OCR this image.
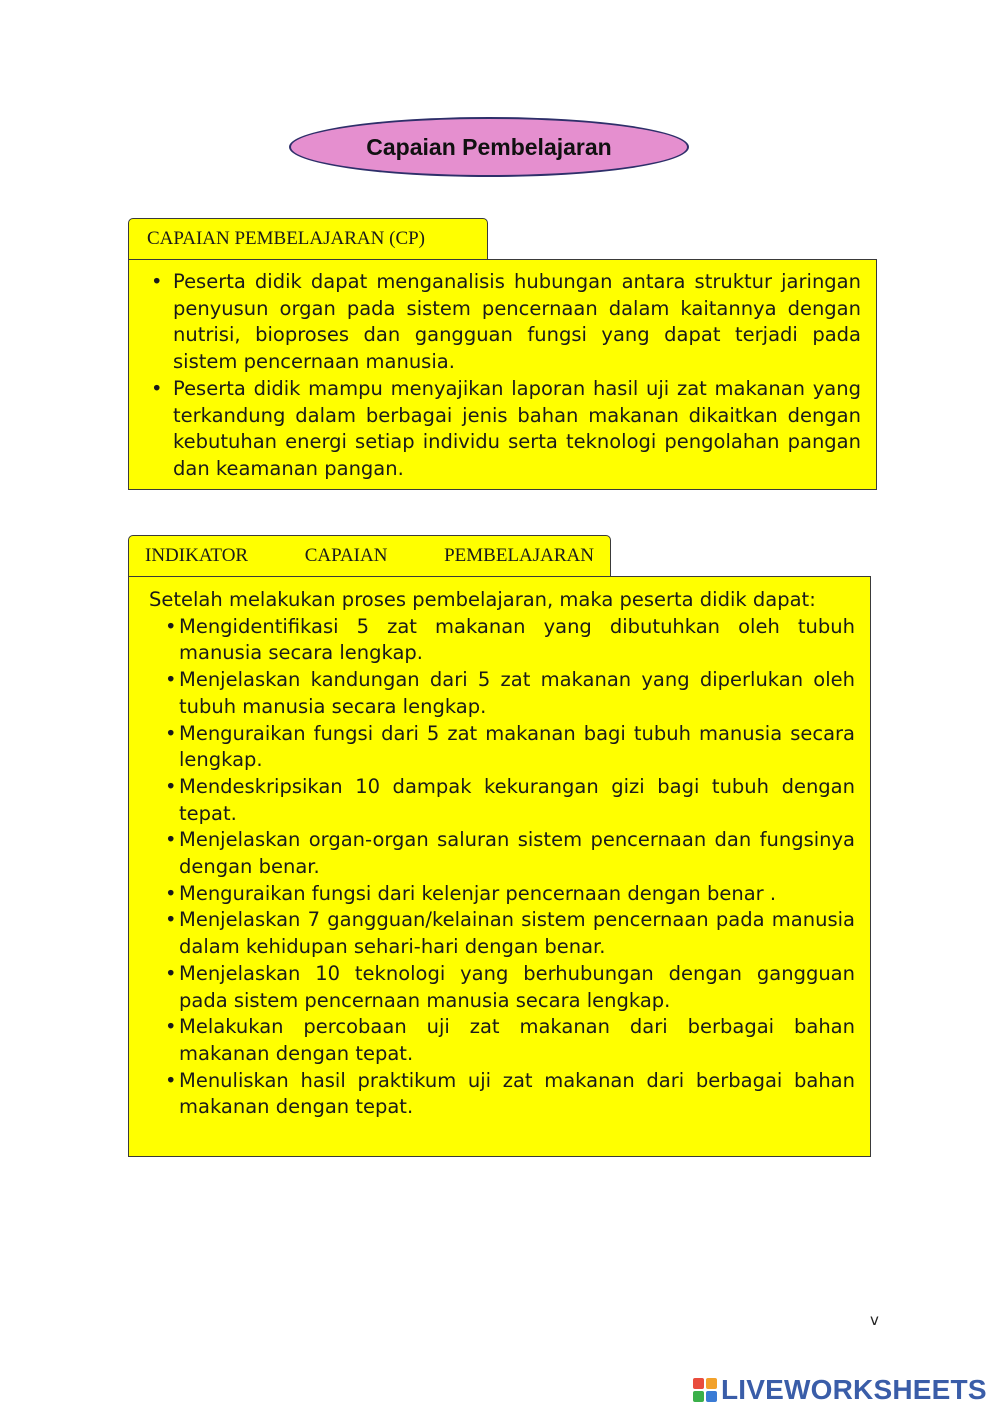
Capaian Pembelajaran
CAPAIAN PEMBELAJARAN (CP)
• Peserta didik dapat menganalisis hubungan antara struktur jaringan penyusun organ pada sistem pencernaan dalam kaitannya dengan nutrisi, bioproses dan gangguan fungsi yang dapat terjadi pada sistem pencernaan manusia.
• Peserta didik mampu menyajikan laporan hasil uji zat makanan yang terkandung dalam berbagai jenis bahan makanan dikaitkan dengan kebutuhan energi setiap individu serta teknologi pengolahan pangan dan keamanan pangan.
INDIKATOR	CAPAIAN	PEMBELAJARAN

Setelah melakukan proses pembelajaran, maka peserta didik dapat:

• Mengidentifikasi 5 zat makanan yang dibutuhkan oleh tubuh manusia secara lengkap.
• Menjelaskan kandungan dari 5 zat makanan yang diperlukan oleh tubuh manusia secara lengkap.
• Menguraikan fungsi dari 5 zat makanan bagi tubuh manusia secara lengkap.
• Mendeskripsikan 10 dampak kekurangan gizi bagi tubuh dengan tepat.
• Menjelaskan organ-organ saluran sistem pencernaan dan fungsinya dengan benar.
• Menguraikan fungsi dari kelenjar pencernaan dengan benar .
• Menjelaskan 7 gangguan/kelainan sistem pencernaan pada manusia dalam kehidupan sehari-hari dengan benar.
• Menjelaskan 10 teknologi yang berhubungan dengan gangguan pada sistem pencernaan manusia secara lengkap.
• Melakukan percobaan uji zat makanan dari berbagai bahan makanan dengan tepat.
• Menuliskan hasil praktikum uji zat makanan dari berbagai bahan makanan dengan tepat.
v
LIVEWORKSHEETS
